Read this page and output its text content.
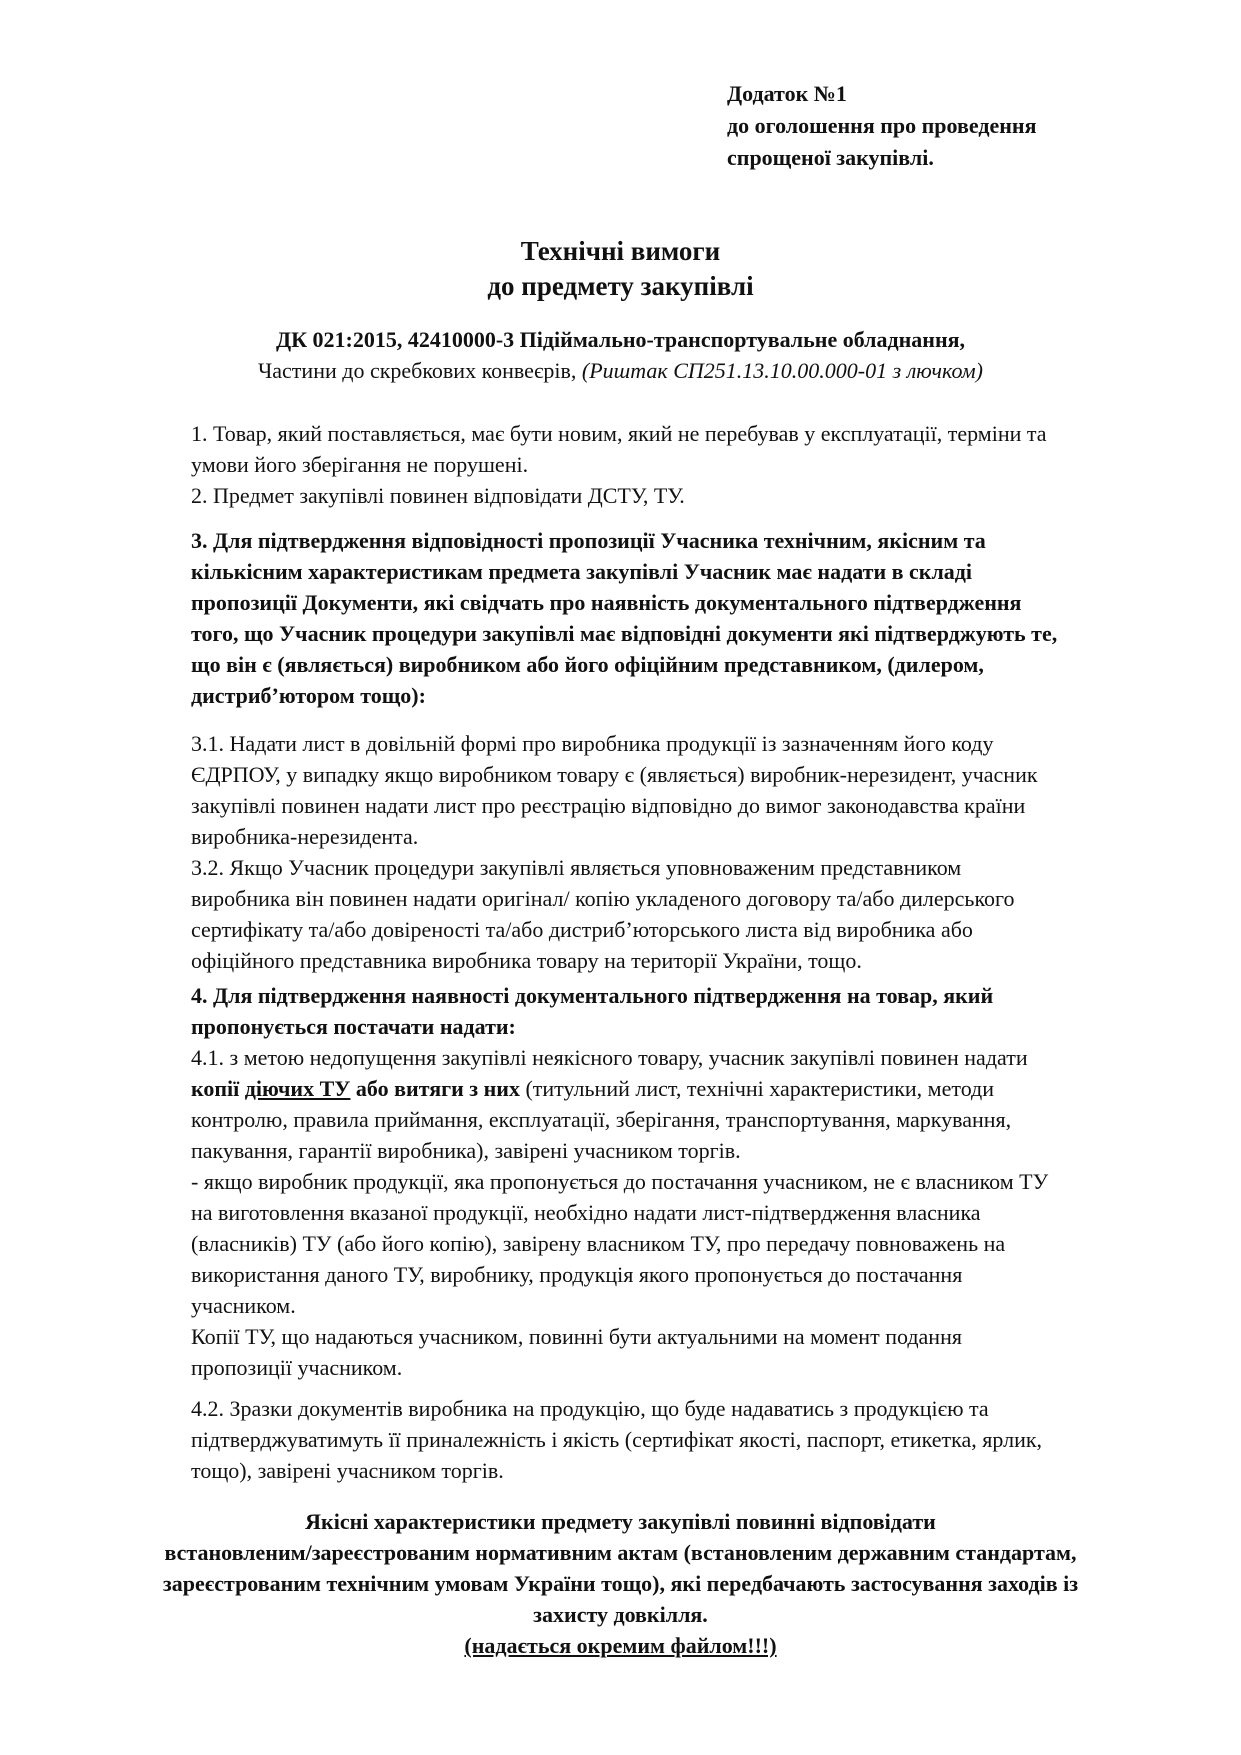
Додаток №1
до оголошення про проведення
спрощеної закупівлі.
Технічні вимоги
до предмету закупівлі
ДК 021:2015, 42410000-3 Підіймально-транспортувальне обладнання,
Частини до скребкових конвеєрів, (Риштак СП251.13.10.00.000-01 з лючком)
1. Товар, який поставляється, має бути новим, який не перебував у експлуатації, терміни та
умови його зберігання не порушені.
2. Предмет закупівлі повинен відповідати ДСТУ, ТУ.
3. Для підтвердження відповідності пропозиції Учасника технічним, якісним та
кількісним характеристикам предмета закупівлі Учасник має надати в складі
пропозиції Документи, які свідчать про наявність документального підтвердження
того, що Учасник процедури закупівлі має відповідні документи які підтверджують те,
що він є (являється) виробником або його офіційним представником, (дилером,
дистриб’ютором тощо):
3.1. Надати лист в довільній формі про виробника продукції із зазначенням його коду
ЄДРПОУ, у випадку якщо виробником товару є (являється) виробник-нерезидент, учасник
закупівлі повинен надати лист про реєстрацію відповідно до вимог законодавства країни
виробника-нерезидента.
3.2. Якщо Учасник процедури закупівлі являється уповноваженим представником
виробника він повинен надати оригінал/ копію укладеного договору та/або дилерського
сертифікату та/або довіреності та/або дистриб’юторського листа від виробника або
офіційного представника виробника товару на території України, тощо.
4. Для підтвердження наявності документального підтвердження на товар, який
пропонується постачати надати:
4.1. з метою недопущення закупівлі неякісного товару, учасник закупівлі повинен надати
копії діючих ТУ або витяги з них (титульний лист, технічні характеристики, методи
контролю, правила приймання, експлуатації, зберігання, транспортування, маркування,
пакування, гарантії виробника), завірені учасником торгів.
- якщо виробник продукції, яка пропонується до постачання учасником, не є власником ТУ
на виготовлення вказаної продукції, необхідно надати лист-підтвердження власника
(власників) ТУ (або його копію), завірену власником ТУ, про передачу повноважень на
використання даного ТУ, виробнику, продукція якого пропонується до постачання
учасником.
Копії ТУ, що надаються учасником, повинні бути актуальними на момент подання
пропозиції учасником.
4.2. Зразки документів виробника на продукцію, що буде надаватись з продукцією та
підтверджуватимуть її приналежність і якість (сертифікат якості, паспорт, етикетка, ярлик,
тощо), завірені учасником торгів.
Якісні характеристики предмету закупівлі повинні відповідати
встановленим/зареєстрованим нормативним актам (встановленим державним стандартам,
зареєстрованим технічним умовам України тощо), які передбачають застосування заходів із
захисту довкілля.
(надається окремим файлом!!!)
